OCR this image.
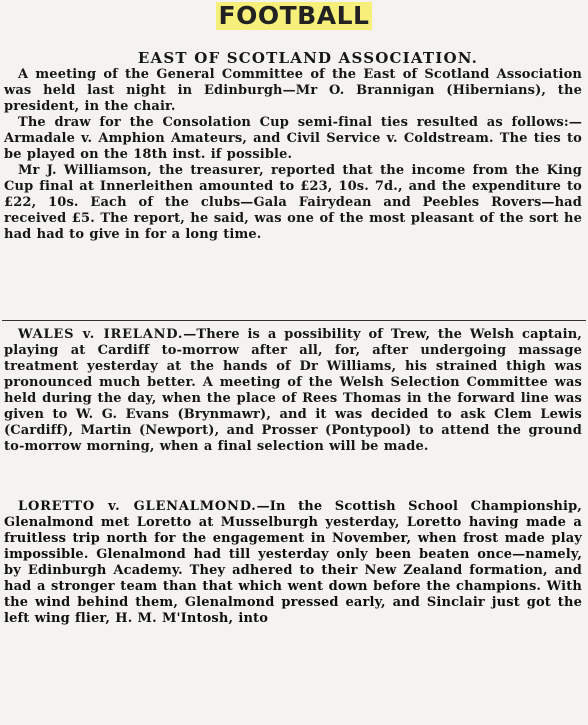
FOOTBALL
EAST OF SCOTLAND ASSOCIATION.

A meeting of the General Committee of the East of Scotland Association was held last night in Edinburgh—Mr O. Brannigan (Hibernians), the president, in the chair.

The draw for the Consolation Cup semi-final ties resulted as follows:—Armadale v. Amphion Amateurs, and Civil Service v. Coldstream. The ties to be played on the 18th inst. if possible.

Mr J. Williamson, the treasurer, reported that the income from the King Cup final at Innerleithen amounted to £23, 10s. 7d., and the expenditure to £22, 10s. Each of the clubs—Gala Fairydean and Peebles Rovers—had received £5. The report, he said, was one of the most pleasant of the sort he had had to give in for a long time.

WALES v. IRELAND.—There is a possibility of Trew, the Welsh captain, playing at Cardiff to-morrow after all, for, after undergoing massage treatment yesterday at the hands of Dr Williams, his strained thigh was pronounced much better. A meeting of the Welsh Selection Committee was held during the day, when the place of Rees Thomas in the forward line was given to W. G. Evans (Brynmawr), and it was decided to ask Clem Lewis (Cardiff), Martin (Newport), and Prosser (Pontypool) to attend the ground to-morrow morning, when a final selection will be made.

LORETTO v. GLENALMOND.—In the Scottish School Championship, Glenalmond met Loretto at Musselburgh yesterday, Loretto having made a fruitless trip north for the engagement in November, when frost made play impossible. Glenalmond had till yesterday only been beaten once—namely, by Edinburgh Academy. They adhered to their New Zealand formation, and had a stronger team than that which went down before the champions. With the wind behind them, Glenalmond pressed early, and Sinclair just got the left wing flier, H. M. M'Intosh, into
